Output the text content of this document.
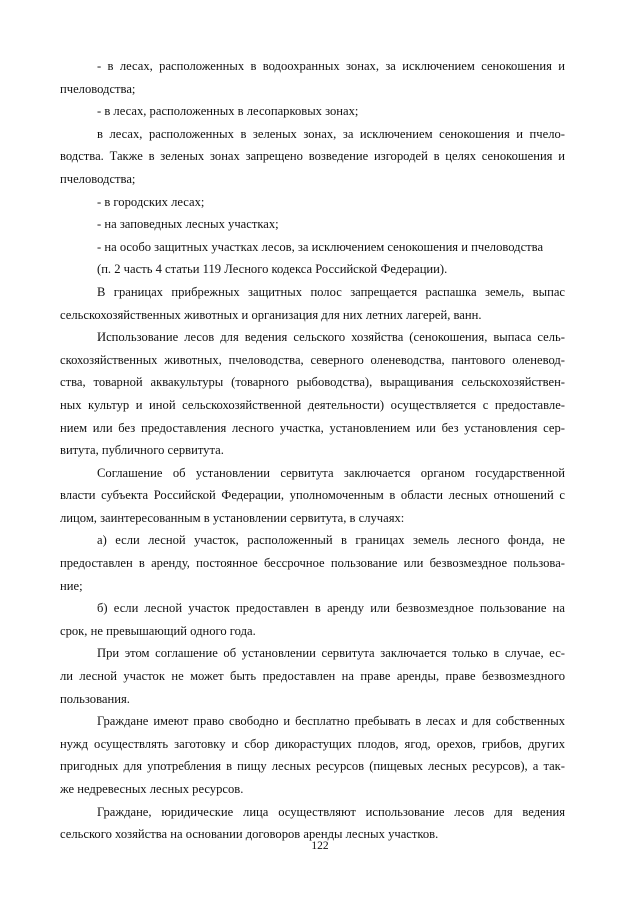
- в лесах, расположенных в водоохранных зонах, за исключением сенокошения и
пчеловодства;
- в лесах, расположенных в лесопарковых зонах;
в лесах, расположенных в зеленых зонах, за исключением сенокошения и пчело-
водства. Также в зеленых зонах запрещено возведение изгородей в целях сенокошения и
пчеловодства;
- в городских лесах;
- на заповедных лесных участках;
- на особо защитных участках лесов, за исключением сенокошения и пчеловодства
(п. 2 часть 4 статьи 119 Лесного кодекса Российской Федерации).
В границах прибрежных защитных полос запрещается распашка земель, выпас
сельскохозяйственных животных и организация для них летних лагерей, ванн.
Использование лесов для ведения сельского хозяйства (сенокошения, выпаса сель-
скохозяйственных животных, пчеловодства, северного оленеводства, пантового оленевод-
ства, товарной аквакультуры (товарного рыбоводства), выращивания сельскохозяйствен-
ных культур и иной сельскохозяйственной деятельности) осуществляется с предоставле-
нием или без предоставления лесного участка, установлением или без установления сер-
витута, публичного сервитута.
Соглашение об установлении сервитута заключается органом государственной
власти субъекта Российской Федерации, уполномоченным в области лесных отношений с
лицом, заинтересованным в установлении сервитута, в случаях:
а) если лесной участок, расположенный в границах земель лесного фонда, не
предоставлен в аренду, постоянное бессрочное пользование или безвозмездное пользова-
ние;
б) если лесной участок предоставлен в аренду или безвозмездное пользование на
срок, не превышающий одного года.
При этом соглашение об установлении сервитута заключается только в случае, ес-
ли лесной участок не может быть предоставлен на праве аренды, праве безвозмездного
пользования.
Граждане имеют право свободно и бесплатно пребывать в лесах и для собственных
нужд осуществлять заготовку и сбор дикорастущих плодов, ягод, орехов, грибов, других
пригодных для употребления в пищу лесных ресурсов (пищевых лесных ресурсов), а так-
же недревесных лесных ресурсов.
Граждане, юридические лица осуществляют использование лесов для ведения
сельского хозяйства на основании договоров аренды лесных участков.
122
